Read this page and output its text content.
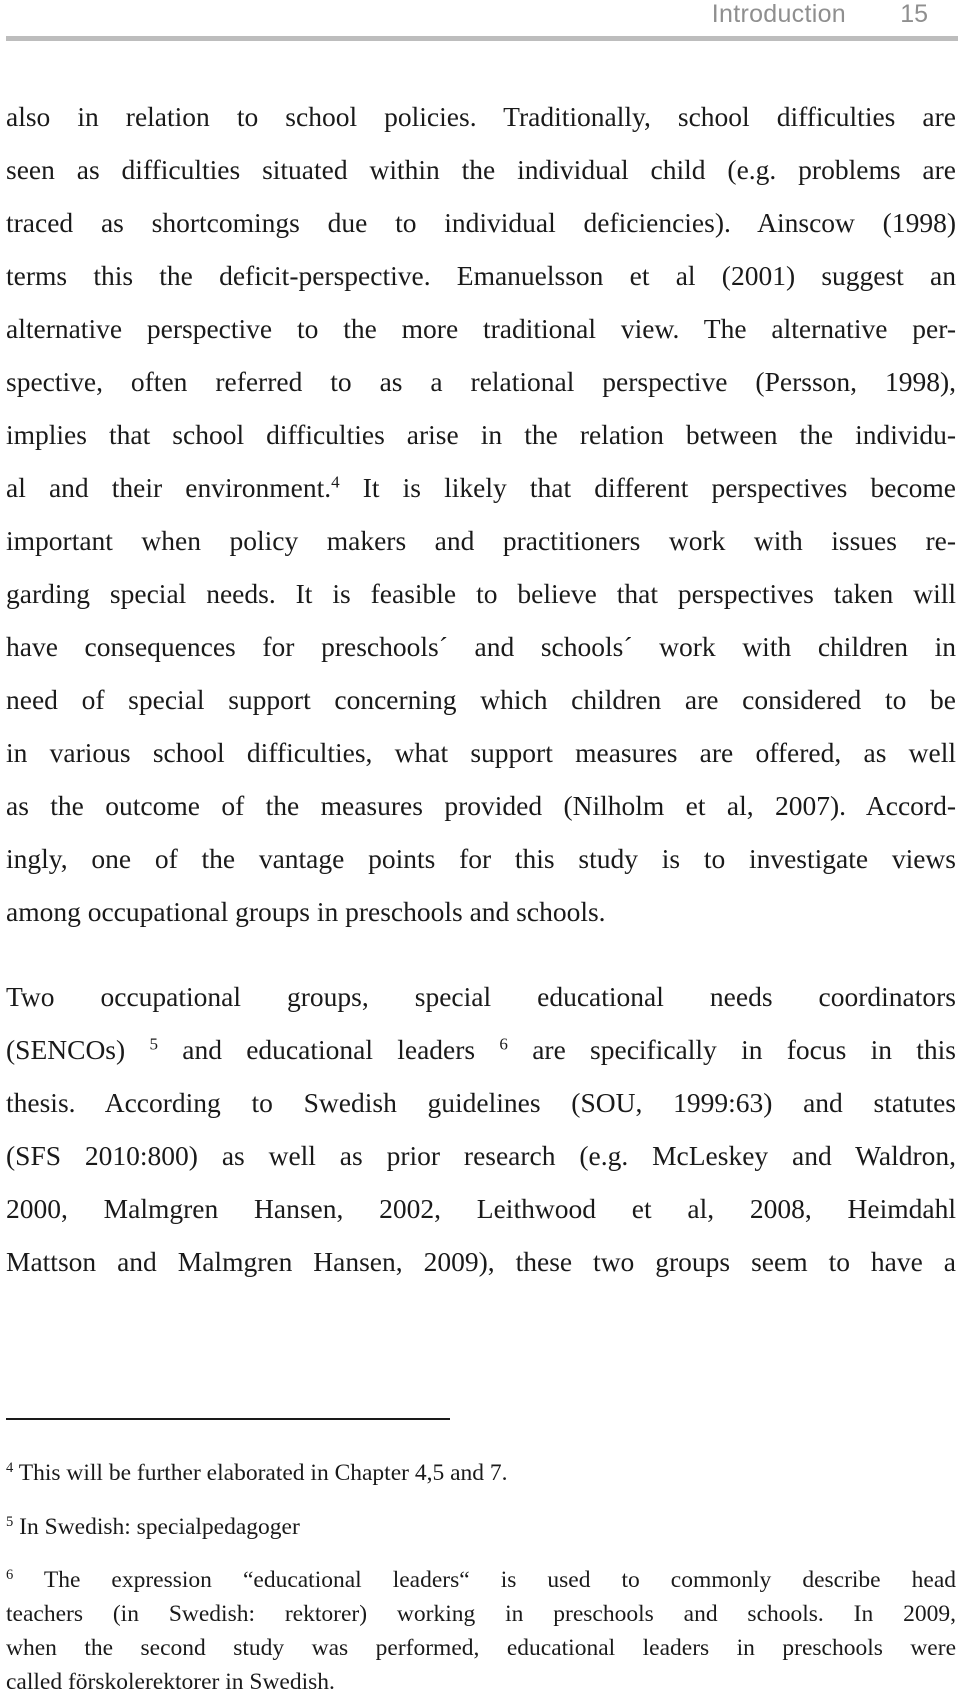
Introduction 15
also in relation to school policies. Traditionally, school difficulties are
seen as difficulties situated within the individual child (e.g. problems are
traced as shortcomings due to individual deficiencies). Ainscow (1998)
terms this the deficit-perspective. Emanuelsson et al (2001) suggest an
alternative perspective to the more traditional view. The alternative per-
spective, often referred to as a relational perspective (Persson, 1998),
implies that school difficulties arise in the relation between the individu-
al and their environment.$^4$ It is likely that different perspectives become
important when policy makers and practitioners work with issues re-
garding special needs. It is feasible to believe that perspectives taken will
have consequences for preschools´ and schools´ work with children in
need of special support concerning which children are considered to be
in various school difficulties, what support measures are offered, as well
as the outcome of the measures provided (Nilholm et al, 2007). Accord-
ingly, one of the vantage points for this study is to investigate views
among occupational groups in preschools and schools.
Two occupational groups, special educational needs coordinators
(SENCOs) $^5$ and educational leaders $^6$ are specifically in focus in this
thesis. According to Swedish guidelines (SOU, 1999:63) and statutes
(SFS 2010:800) as well as prior research (e.g. McLeskey and Waldron,
2000, Malmgren Hansen, 2002, Leithwood et al, 2008, Heimdahl
Mattson and Malmgren Hansen, 2009), these two groups seem to have a
$^4$ This will be further elaborated in Chapter 4,5 and 7.
$^5$ In Swedish: specialpedagoger
$^6$ The expression “educational leaders“ is used to commonly describe head
teachers (in Swedish: rektorer) working in preschools and schools. In 2009,
when the second study was performed, educational leaders in preschools were
called förskolerektorer in Swedish.
